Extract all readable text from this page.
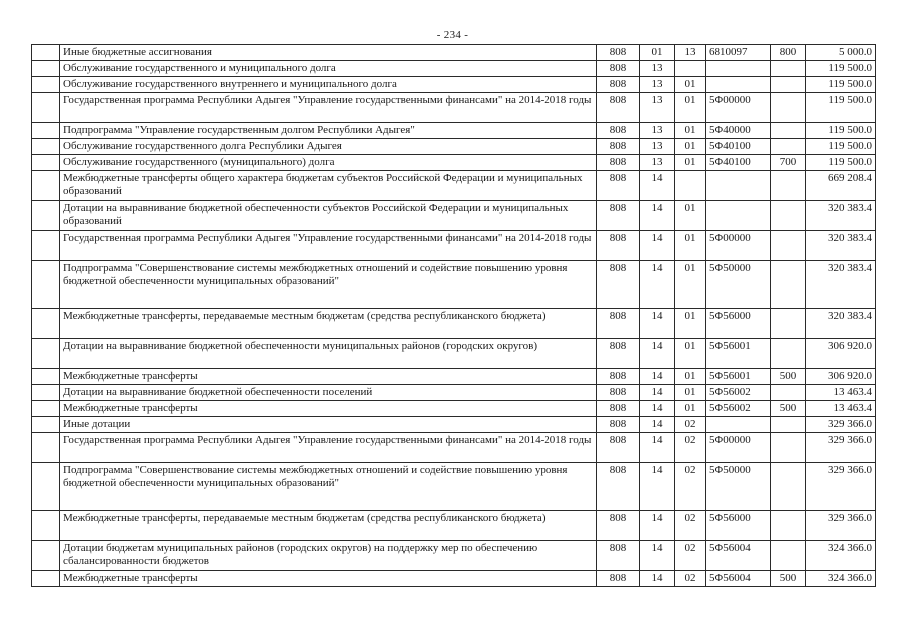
- 234 -
	Иные бюджетные ассигнования	808	01	13	6810097	800	5 000.0
	Обслуживание государственного и муниципального долга	808	13				119 500.0
	Обслуживание государственного внутреннего и муниципального долга	808	13	01			119 500.0
	Государственная программа Республики Адыгея "Управление государственными финансами" на 2014-2018 годы	808	13	01	5Ф00000		119 500.0
	Подпрограмма "Управление государственным долгом Республики Адыгея"	808	13	01	5Ф40000		119 500.0
	Обслуживание государственного долга Республики Адыгея	808	13	01	5Ф40100		119 500.0
	Обслуживание государственного (муниципального) долга	808	13	01	5Ф40100	700	119 500.0
	Межбюджетные трансферты общего характера бюджетам субъектов Российской Федерации и муниципальных образований	808	14				669 208.4
	Дотации на выравнивание бюджетной обеспеченности субъектов Российской Федерации и муниципальных образований	808	14	01			320 383.4
	Государственная программа Республики Адыгея "Управление государственными финансами" на 2014-2018 годы	808	14	01	5Ф00000		320 383.4
	Подпрограмма "Совершенствование системы межбюджетных отношений и содействие повышению уровня бюджетной обеспеченности муниципальных образований"	808	14	01	5Ф50000		320 383.4
	Межбюджетные трансферты, передаваемые местным бюджетам (средства республиканского бюджета)	808	14	01	5Ф56000		320 383.4
	Дотации на выравнивание бюджетной обеспеченности муниципальных районов (городских округов)	808	14	01	5Ф56001		306 920.0
	Межбюджетные трансферты	808	14	01	5Ф56001	500	306 920.0
	Дотации на выравнивание бюджетной обеспеченности поселений	808	14	01	5Ф56002		13 463.4
	Межбюджетные трансферты	808	14	01	5Ф56002	500	13 463.4
	Иные дотации	808	14	02			329 366.0
	Государственная программа Республики Адыгея "Управление государственными финансами" на 2014-2018 годы	808	14	02	5Ф00000		329 366.0
	Подпрограмма "Совершенствование системы межбюджетных отношений и содействие повышению уровня бюджетной обеспеченности муниципальных образований"	808	14	02	5Ф50000		329 366.0
	Межбюджетные трансферты, передаваемые местным бюджетам (средства республиканского бюджета)	808	14	02	5Ф56000		329 366.0
	Дотации бюджетам муниципальных районов (городских округов) на поддержку мер по обеспечению сбалансированности бюджетов	808	14	02	5Ф56004		324 366.0
	Межбюджетные трансферты	808	14	02	5Ф56004	500	324 366.0
